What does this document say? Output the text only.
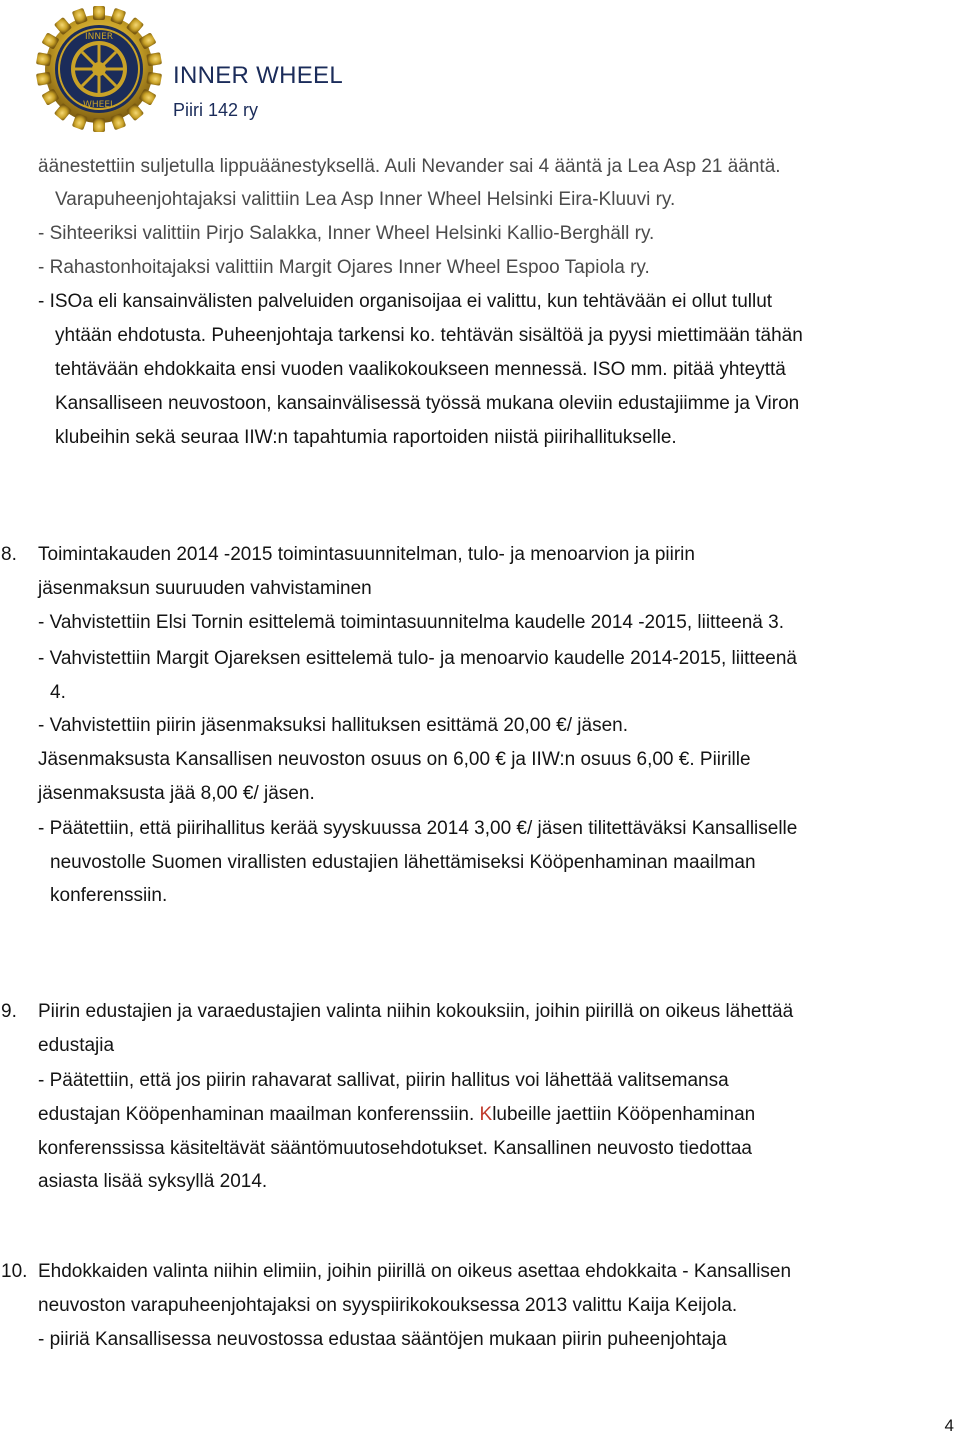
INNER
WHEEL
INNER WHEEL
Piiri 142 ry
äänestettiin suljetulla lippuäänestyksellä. Auli Nevander sai 4 ääntä ja Lea Asp 21 ääntä.
Varapuheenjohtajaksi valittiin Lea Asp Inner Wheel Helsinki Eira-Kluuvi ry.
- Sihteeriksi valittiin Pirjo Salakka, Inner Wheel Helsinki Kallio-Berghäll ry.
- Rahastonhoitajaksi valittiin Margit Ojares Inner Wheel Espoo Tapiola ry.
- ISOa eli kansainvälisten palveluiden organisoijaa ei valittu, kun tehtävään ei ollut tullut
yhtään ehdotusta. Puheenjohtaja tarkensi ko. tehtävän sisältöä ja pyysi miettimään tähän
tehtävään ehdokkaita ensi vuoden vaalikokoukseen mennessä. ISO mm. pitää yhteyttä
Kansalliseen neuvostoon, kansainvälisessä työssä mukana oleviin edustajiimme ja Viron
klubeihin sekä seuraa IIW:n tapahtumia raportoiden niistä piirihallitukselle.
8. Toimintakauden 2014 -2015 toimintasuunnitelman, tulo- ja menoarvion ja piirin
jäsenmaksun suuruuden vahvistaminen
- Vahvistettiin Elsi Tornin esittelemä toimintasuunnitelma kaudelle 2014 -2015, liitteenä 3.
- Vahvistettiin Margit Ojareksen esittelemä tulo- ja menoarvio kaudelle 2014-2015, liitteenä
4.
- Vahvistettiin piirin jäsenmaksuksi hallituksen esittämä 20,00 €/ jäsen.
Jäsenmaksusta Kansallisen neuvoston osuus on 6,00 € ja IIW:n osuus 6,00 €. Piirille
jäsenmaksusta jää 8,00 €/ jäsen.
- Päätettiin, että piirihallitus kerää syyskuussa 2014 3,00 €/ jäsen tilitettäväksi Kansalliselle
neuvostolle Suomen virallisten edustajien lähettämiseksi Kööpenhaminan maailman
konferenssiin.
9. Piirin edustajien ja varaedustajien valinta niihin kokouksiin, joihin piirillä on oikeus lähettää
edustajia
- Päätettiin, että jos piirin rahavarat sallivat, piirin hallitus voi lähettää valitsemansa
edustajan Kööpenhaminan maailman konferenssiin. Klubeille jaettiin Kööpenhaminan
konferenssissa käsiteltävät sääntömuutosehdotukset. Kansallinen neuvosto tiedottaa
asiasta lisää syksyllä 2014.
10. Ehdokkaiden valinta niihin elimiin, joihin piirillä on oikeus asettaa ehdokkaita - Kansallisen
neuvoston varapuheenjohtajaksi on syyspiirikokouksessa 2013 valittu Kaija Keijola.
- piiriä Kansallisessa neuvostossa edustaa sääntöjen mukaan piirin puheenjohtaja
4
